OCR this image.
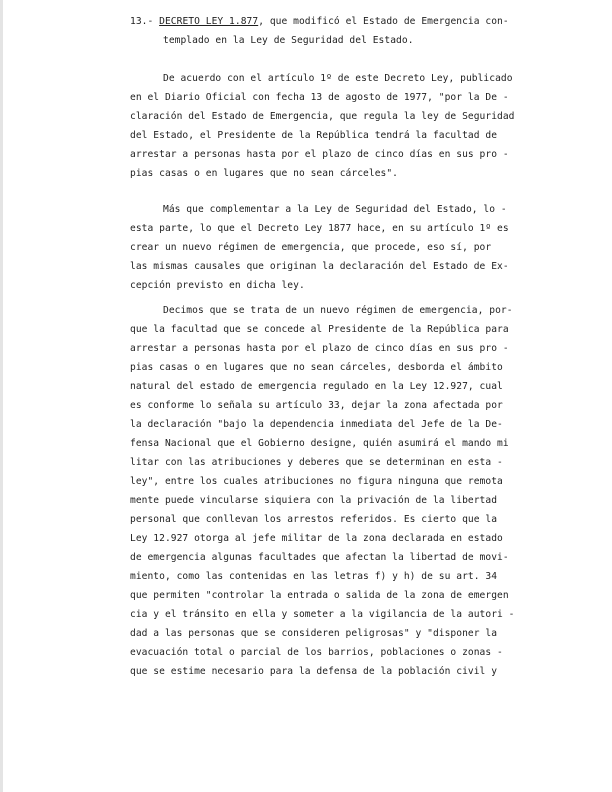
13.- DECRETO LEY 1.877, que modificó el Estado de Emergencia con-
templado en la Ley de Seguridad del Estado.
De acuerdo con el artículo 1º de este Decreto Ley, publicado
en el Diario Oficial con fecha 13 de agosto de 1977, "por la De -
claración del Estado de Emergencia, que regula la ley de Seguridad
del Estado, el Presidente de la República tendrá la facultad de
arrestar a personas hasta por el plazo de cinco días en sus pro -
pias casas o en lugares que no sean cárceles".
Más que complementar a la Ley de Seguridad del Estado, lo -
esta parte, lo que el Decreto Ley 1877 hace, en su artículo 1º es
crear un nuevo régimen de emergencia, que procede, eso sí, por
las mismas causales que originan la declaración del Estado de Ex-
cepción previsto en dicha ley.
Decimos que se trata de un nuevo régimen de emergencia, por-
que la facultad que se concede al Presidente de la República para
arrestar a personas hasta por el plazo de cinco días en sus pro -
pias casas o en lugares que no sean cárceles, desborda el ámbito
natural del estado de emergencia regulado en la Ley 12.927, cual
es conforme lo señala su artículo 33, dejar la zona afectada por
la declaración "bajo la dependencia inmediata del Jefe de la De-
fensa Nacional que el Gobierno designe, quién asumirá el mando mi
litar con las atribuciones y deberes que se determinan en esta -
ley", entre los cuales atribuciones no figura ninguna que remota
mente puede vincularse siquiera con la privación de la libertad
personal que conllevan los arrestos referidos. Es cierto que la
Ley 12.927 otorga al jefe militar de la zona declarada en estado
de emergencia algunas facultades que afectan la libertad de movi-
miento, como las contenidas en las letras f) y h) de su art. 34
que permiten "controlar la entrada o salida de la zona de emergen
cia y el tránsito en ella y someter a la vigilancia de la autori -
dad a las personas que se consideren peligrosas" y "disponer la
evacuación total o parcial de los barrios, poblaciones o zonas -
que se estime necesario para la defensa de la población civil y
